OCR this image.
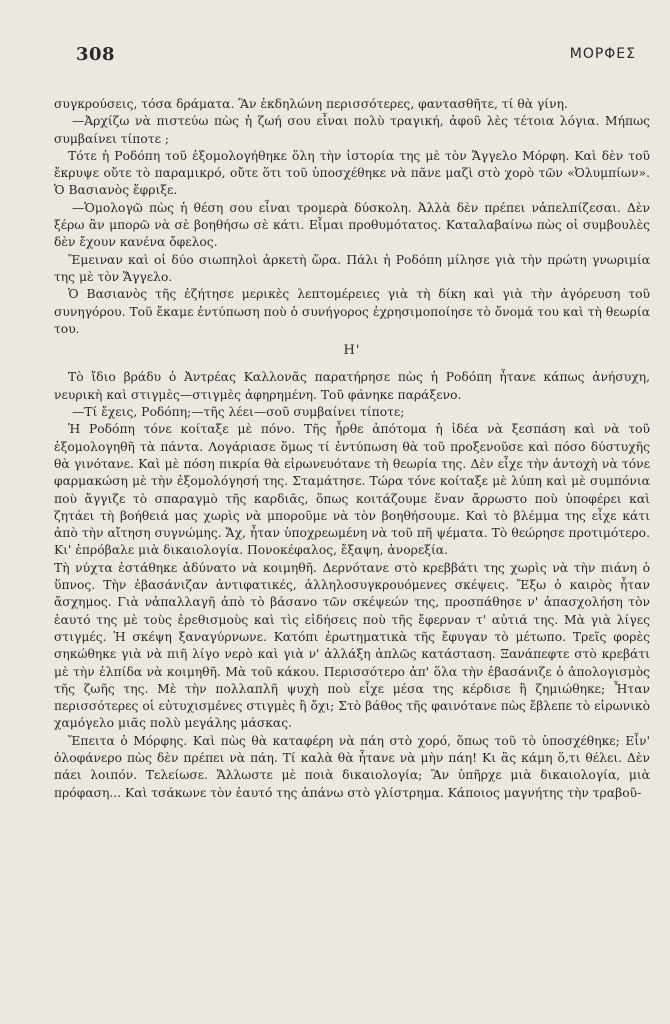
308	ΜΟΡΦΕΣ

συγκρούσεις, τόσα δράματα. Ἂν ἐκδηλώνη περισσότερες, φαντασθῆτε, τί θὰ γίνη.

—Ἀρχίζω νὰ πιστεύω πὼς ἡ ζωή σου εἶναι πολὺ τραγική, ἀφοῦ λὲς τέτοια λόγια. Μήπως συμβαίνει τίποτε ;

Τότε ἡ Ροδόπη τοῦ ἐξομολογήθηκε ὅλη τὴν ἱστορία της μὲ τὸν Ἄγγελο Μόρφη. Καὶ δὲν τοῦ ἔκρυψε οὔτε τὸ παραμικρό, οὔτε ὅτι τοῦ ὑποσχέθηκε νὰ πᾶνε μαζὶ στὸ χορὸ τῶν «Ὀλυμπίων». Ὁ Βασιανὸς ἔφριξε.

—Ὁμολογῶ πὼς ἡ θέση σου εἶναι τρομερὰ δύσκολη. Ἀλλὰ δὲν πρέπει νἀπελπίζεσαι. Δὲν ξέρω ἂν μπορῶ νὰ σὲ βοηθήσω σὲ κάτι. Εἶμαι προθυμότατος. Καταλαβαίνω πὼς οἱ συμβουλὲς δὲν ἔχουν κανένα ὄφελος.

Ἔμειναν καὶ οἱ δύο σιωπηλοὶ ἀρκετὴ ὥρα. Πάλι ἡ Ροδόπη μίλησε γιὰ τὴν πρώτη γνωριμία της μὲ τὸν Ἄγγελο.

Ὁ Βασιανὸς τῆς ἐζήτησε μερικὲς λεπτομέρειες γιὰ τὴ δίκη καὶ γιὰ τὴν ἀγόρευση τοῦ συνηγόρου. Τοῦ ἔκαμε ἐντύπωση ποὺ ὁ συνήγορος ἐχρησιμοποίησε τὸ ὄνομά του καὶ τὴ θεωρία του.

Η'

Τὸ ἴδιο βράδυ ὁ Ἀντρέας Καλλονᾶς παρατήρησε πὼς ἡ Ροδόπη ἦτανε κάπως ἀνήσυχη, νευρικὴ καὶ στιγμὲς—στιγμὲς ἀφηρημένη. Τοῦ φάνηκε παράξενο.

—Τί ἔχεις, Ροδόπη;—τῆς λέει—σοῦ συμβαίνει τίποτε;

Ἡ Ροδόπη τόνε κοίταξε μὲ πόνο. Τῆς ἦρθε ἀπότομα ἡ ἰδέα νὰ ξεσπάση καὶ νὰ τοῦ ἐξομολογηθῆ τὰ πάντα. Λογάριασε ὅμως τί ἐντύπωση θὰ τοῦ προξενοῦσε καὶ πόσο δύστυχῆς θὰ γινότανε. Καὶ μὲ πόση πικρία θὰ εἰρωνευότανε τὴ θεωρία της. Δὲν εἶχε τὴν ἀντοχὴ νὰ τόνε φαρμακώση μὲ τὴν ἐξομολόγησή της. Σταμάτησε. Τώρα τόνε κοίταξε μὲ λύπη καὶ μὲ συμπόνια ποὺ ἄγγιζε τὸ σπαραγμὸ τῆς καρδιᾶς, ὅπως κοιτάζουμε ἕναν ἄρρωστο ποὺ ὑποφέρει καὶ ζητάει τὴ βοήθειά μας χωρὶς νὰ μποροῦμε νὰ τὸν βοηθήσουμε. Καὶ τὸ βλέμμα της εἶχε κάτι ἀπὸ τὴν αἴτηση συγνώμης. Ἄχ, ἦταν ὑποχρεωμένη νὰ τοῦ πῆ ψέματα. Τὸ θεώρησε προτιμότερο. Κι' ἐπρόβαλε μιὰ δικαιολογία. Πονοκέφαλος, ἔξαψη, ἀνορεξία.

Τὴ νύχτα ἐστάθηκε ἀδύνατο νὰ κοιμηθῆ. Δερνότανε στὸ κρεββάτι της χωρὶς νὰ τὴν πιάνη ὁ ὕπνος. Τὴν ἐβασάνιζαν ἀντιφατικές, ἀλληλοσυγκρουόμενες σκέψεις. Ἔξω ὁ καιρὸς ἦταν ἄσχημος. Γιὰ νἀπαλλαγῆ ἀπὸ τὸ βάσανο τῶν σκέψεών της, προσπάθησε ν' ἀπασχολήση τὸν ἑαυτό της μὲ τοὺς ἐρεθισμοὺς καὶ τὶς εἰδήσεις ποὺ τῆς ἔφερναν τ' αὐτιά της. Μὰ γιὰ λίγες στιγμές. Ἡ σκέψη ξαναγύρνωνε. Κατόπι ἐρωτηματικὰ τῆς ἔφυγαν τὸ μέτωπο. Τρεῖς φορὲς σηκώθηκε γιὰ νὰ πιῆ λίγο νερὸ καὶ γιὰ ν' ἀλλάξη ἁπλῶς κατάσταση. Ξανάπεφτε στὸ κρεβάτι μὲ τὴν ἐλπίδα νὰ κοιμηθῆ. Μὰ τοῦ κάκου. Περισσότερο ἀπ' ὅλα τὴν ἐβασάνιζε ὁ ἀπολογισμὸς τῆς ζωῆς της. Μὲ τὴν πολλαπλῆ ψυχὴ ποὺ εἶχε μέσα της κέρδισε ἢ ζημιώθηκε; Ἦταν περισσότερες οἱ εὐτυχισμένες στιγμὲς ἢ ὄχι; Στὸ βάθος τῆς φαινότανε πὼς ἔβλεπε τὸ εἰρωνικὸ χαμόγελο μιᾶς πολὺ μεγάλης μάσκας.

Ἔπειτα ὁ Μόρφης. Καὶ πὼς θὰ καταφέρη νὰ πάη στὸ χορό, ὅπως τοῦ τὸ ὑποσχέθηκε; Εἶν' ὁλοφάνερο πὼς δὲν πρέπει νὰ πάη. Τί καλὰ θὰ ἦτανε νὰ μὴν πάη! Κι ἂς κάμη ὅ,τι θέλει. Δὲν πάει λοιπόν. Τελείωσε. Ἄλλωστε μὲ ποιὰ δικαιολογία; Ἂν ὑπῆρχε μιὰ δικαιολογία, μιὰ πρόφαση... Καὶ τσάκωνε τὸν ἑαυτό της ἀπάνω στὸ γλίστρημα. Κάποιος μαγνήτης τὴν τραβοῦ-
